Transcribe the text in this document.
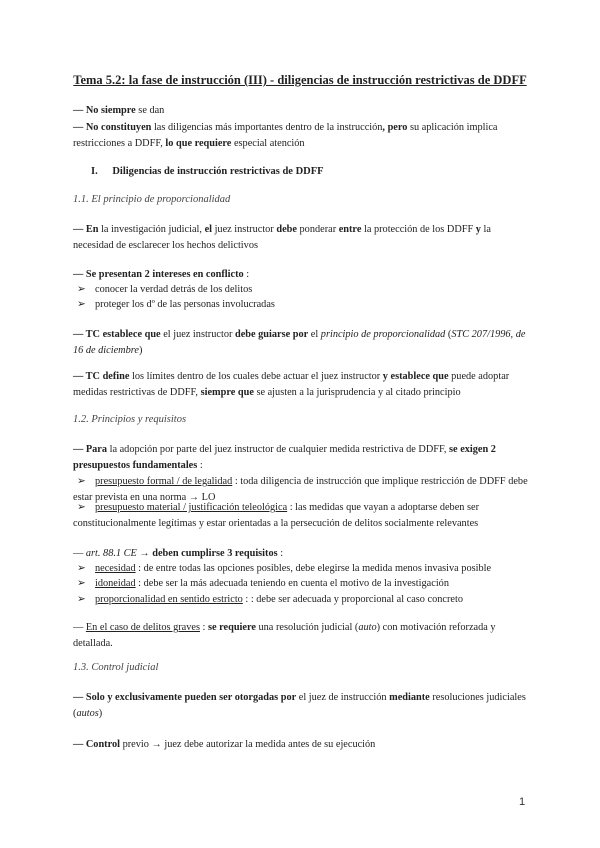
Tema 5.2: la fase de instrucción (III) - diligencias de instrucción restrictivas de DDFF
— No siempre se dan
— No constituyen las diligencias más importantes dentro de la instrucción, pero su aplicación implica restricciones a DDFF, lo que requiere especial atención
I. Diligencias de instrucción restrictivas de DDFF
1.1. El principio de proporcionalidad
— En la investigación judicial, el juez instructor debe ponderar entre la protección de los DDFF y la necesidad de esclarecer los hechos delictivos
— Se presentan 2 intereses en conflicto :
➢ conocer la verdad detrás de los delitos
➢ proteger los dº de las personas involucradas
— TC establece que el juez instructor debe guiarse por el principio de proporcionalidad (STC 207/1996, de 16 de diciembre)
— TC define los límites dentro de los cuales debe actuar el juez instructor y establece que puede adoptar medidas restrictivas de DDFF, siempre que se ajusten a la jurisprudencia y al citado principio
1.2. Principios y requisitos
— Para la adopción por parte del juez instructor de cualquier medida restrictiva de DDFF, se exigen 2 presupuestos fundamentales :
➢ presupuesto formal / de legalidad : toda diligencia de instrucción que implique restricción de DDFF debe estar prevista en una norma → LO
➢ presupuesto material / justificación teleológica : las medidas que vayan a adoptarse deben ser constitucionalmente legítimas y estar orientadas a la persecución de delitos socialmente relevantes
— art. 88.1 CE → deben cumplirse 3 requisitos :
➢ necesidad : de entre todas las opciones posibles, debe elegirse la medida menos invasiva posible
➢ idoneidad : debe ser la más adecuada teniendo en cuenta el motivo de la investigación
➢ proporcionalidad en sentido estricto : : debe ser adecuada y proporcional al caso concreto
— En el caso de delitos graves : se requiere una resolución judicial (auto) con motivación reforzada y detallada.
1.3. Control judicial
— Solo y exclusivamente pueden ser otorgadas por el juez de instrucción mediante resoluciones judiciales (autos)
— Control previo → juez debe autorizar la medida antes de su ejecución
1
